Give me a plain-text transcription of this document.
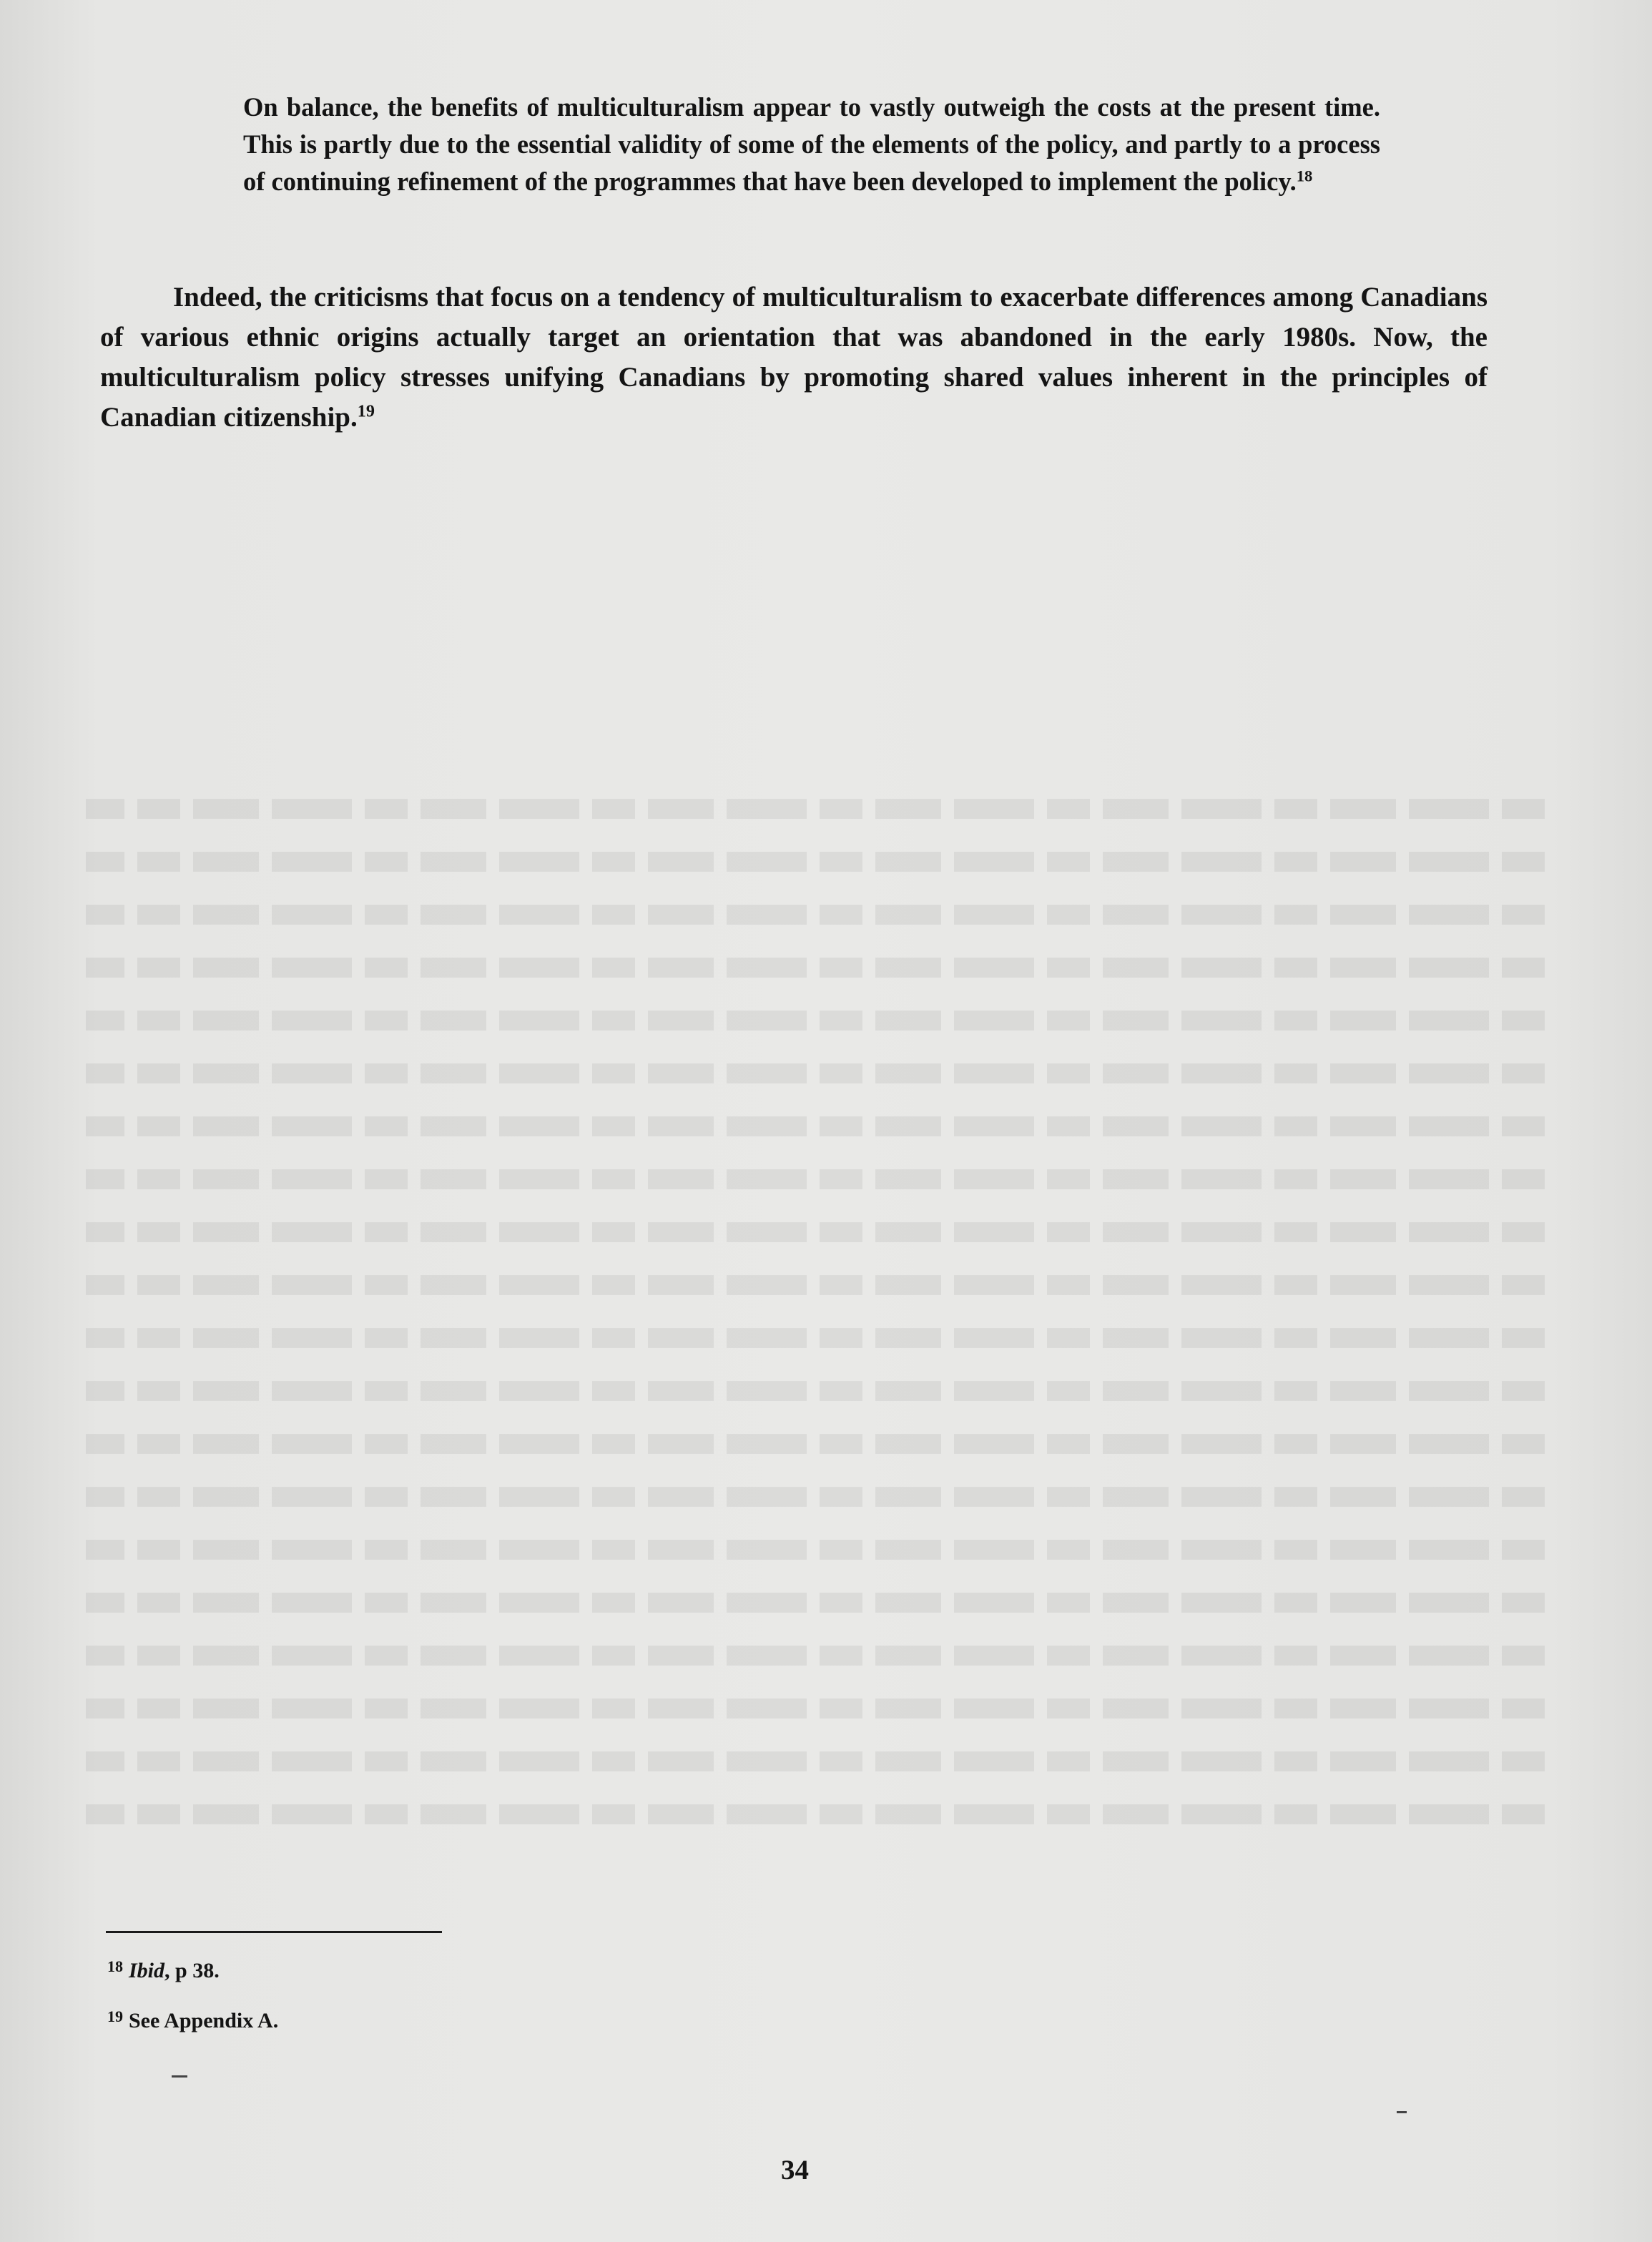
On balance, the benefits of multiculturalism appear to vastly outweigh the costs at the present time. This is partly due to the essential validity of some of the elements of the policy, and partly to a process of continuing refinement of the programmes that have been developed to implement the policy.$^{18}$
Indeed, the criticisms that focus on a tendency of multiculturalism to exacerbate differences among Canadians of various ethnic origins actually target an orientation that was abandoned in the early 1980s. Now, the multiculturalism policy stresses unifying Canadians by promoting shared values inherent in the principles of Canadian citizenship.$^{19}$
$^{18}$ Ibid, p 38.
$^{19}$ See Appendix A.
34
